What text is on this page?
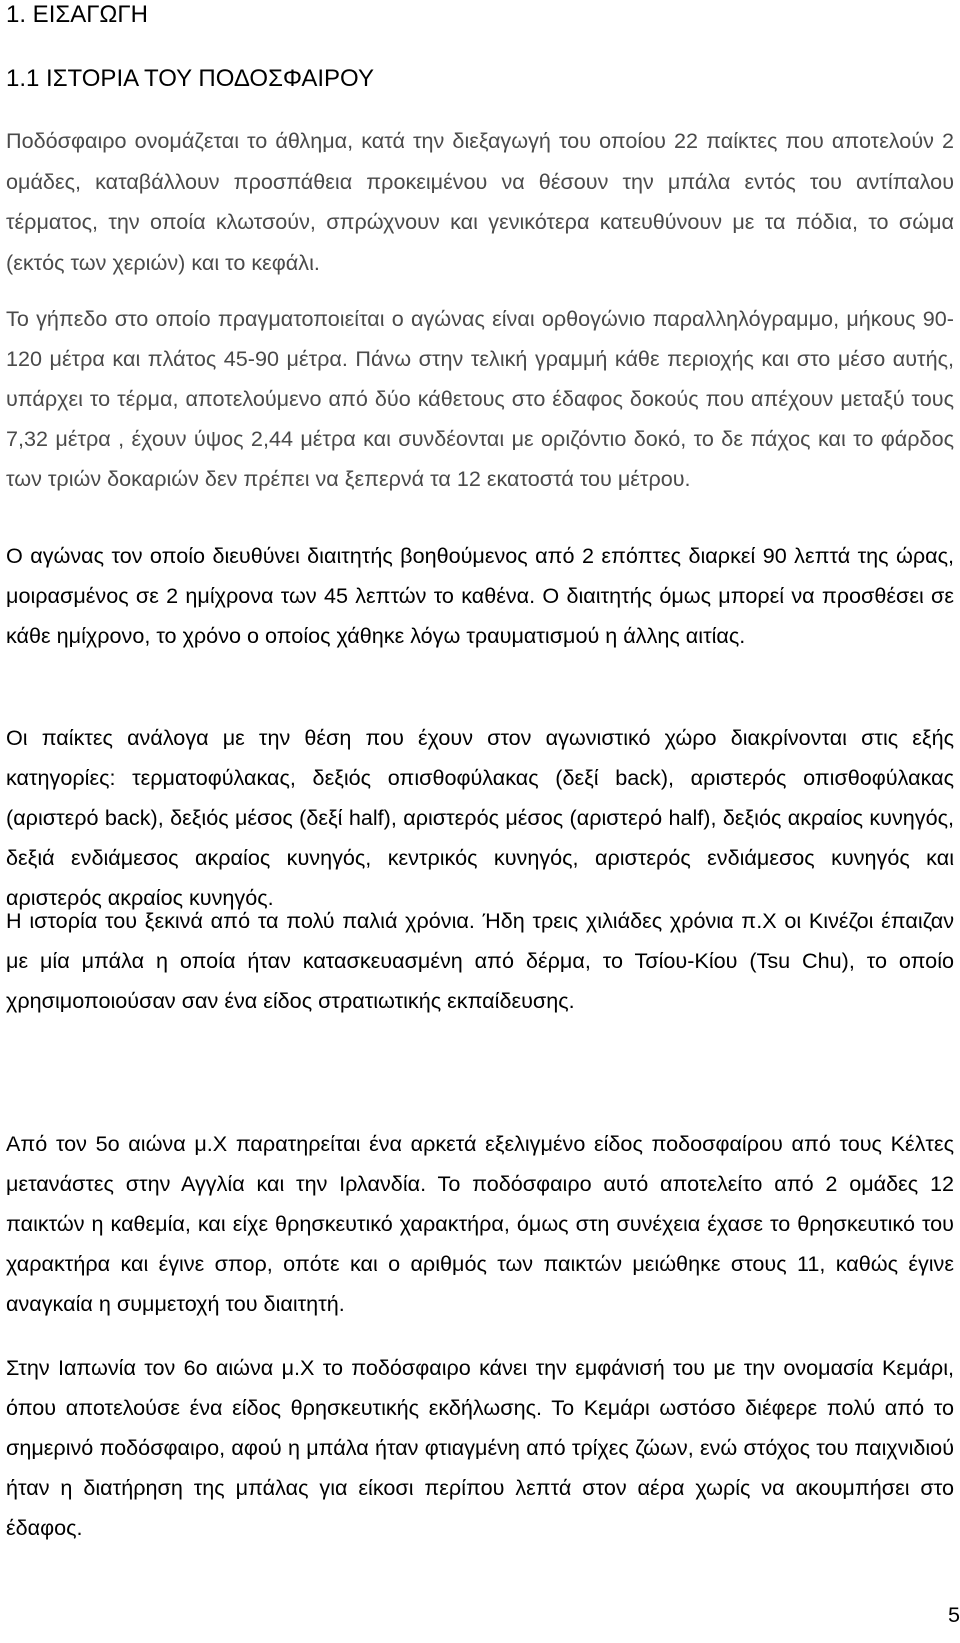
1. ΕΙΣΑΓΩΓΗ
1.1 ΙΣΤΟΡΙΑ ΤΟΥ ΠΟΔΟΣΦΑΙΡΟΥ

Ποδόσφαιρο ονομάζεται το άθλημα, κατά την διεξαγωγή του οποίου 22 παίκτες που αποτελούν 2 ομάδες, καταβάλλουν προσπάθεια προκειμένου να θέσουν την μπάλα εντός του αντίπαλου τέρματος, την οποία κλωτσούν, σπρώχνουν και γενικότερα κατευθύνουν με τα πόδια, το σώμα (εκτός των χεριών) και το κεφάλι.

Το γήπεδο στο οποίο πραγματοποιείται ο αγώνας είναι ορθογώνιο παραλληλόγραμμο, μήκους 90-120 μέτρα και πλάτος 45-90 μέτρα. Πάνω στην τελική γραμμή κάθε περιοχής και στο μέσο αυτής, υπάρχει το τέρμα, αποτελούμενο από δύο κάθετους στο έδαφος δοκούς που απέχουν μεταξύ τους 7,32 μέτρα , έχουν ύψος 2,44 μέτρα και συνδέονται με οριζόντιο δοκό, το δε πάχος και το φάρδος των τριών δοκαριών δεν πρέπει να ξεπερνά τα 12 εκατοστά του μέτρου.

Ο αγώνας τον οποίο διευθύνει διαιτητής βοηθούμενος από 2 επόπτες διαρκεί 90 λεπτά της ώρας, μοιρασμένος σε 2 ημίχρονα των 45 λεπτών το καθένα. Ο διαιτητής όμως μπορεί να προσθέσει σε κάθε ημίχρονο, το χρόνο ο οποίος χάθηκε λόγω τραυματισμού η άλλης αιτίας.

Οι παίκτες ανάλογα με την θέση που έχουν στον αγωνιστικό χώρο διακρίνονται στις εξής κατηγορίες: τερματοφύλακας, δεξιός οπισθοφύλακας (δεξί back), αριστερός οπισθοφύλακας (αριστερό back), δεξιός μέσος (δεξί half), αριστερός μέσος (αριστερό half), δεξιός ακραίος κυνηγός, δεξιά ενδιάμεσος ακραίος κυνηγός, κεντρικός κυνηγός, αριστερός ενδιάμεσος κυνηγός και αριστερός ακραίος κυνηγός.

Η ιστορία του ξεκινά από τα πολύ παλιά χρόνια. Ήδη τρεις χιλιάδες χρόνια π.Χ οι Κινέζοι έπαιζαν με μία μπάλα η οποία ήταν κατασκευασμένη από δέρμα, το Τσίου-Κίου (Tsu Chu), το οποίο χρησιμοποιούσαν σαν ένα είδος στρατιωτικής εκπαίδευσης.

Από τον 5ο αιώνα μ.Χ παρατηρείται ένα αρκετά εξελιγμένο είδος ποδοσφαίρου από τους Κέλτες μετανάστες στην Αγγλία και την Ιρλανδία. Το ποδόσφαιρο αυτό αποτελείτο από 2 ομάδες 12 παικτών η καθεμία, και είχε θρησκευτικό χαρακτήρα, όμως στη συνέχεια έχασε το θρησκευτικό του χαρακτήρα και έγινε σπορ, οπότε και ο αριθμός των παικτών μειώθηκε στους 11, καθώς έγινε αναγκαία η συμμετοχή του διαιτητή.

Στην Ιαπωνία τον 6ο αιώνα μ.Χ το ποδόσφαιρο κάνει την εμφάνισή του με την ονομασία Κεμάρι, όπου αποτελούσε ένα είδος θρησκευτικής εκδήλωσης. Το Κεμάρι ωστόσο διέφερε πολύ από το σημερινό ποδόσφαιρο, αφού η μπάλα ήταν φτιαγμένη από τρίχες ζώων, ενώ στόχος του παιχνιδιού ήταν η διατήρηση της μπάλας για είκοσι περίπου λεπτά στον αέρα χωρίς να ακουμπήσει στο έδαφος.

5
